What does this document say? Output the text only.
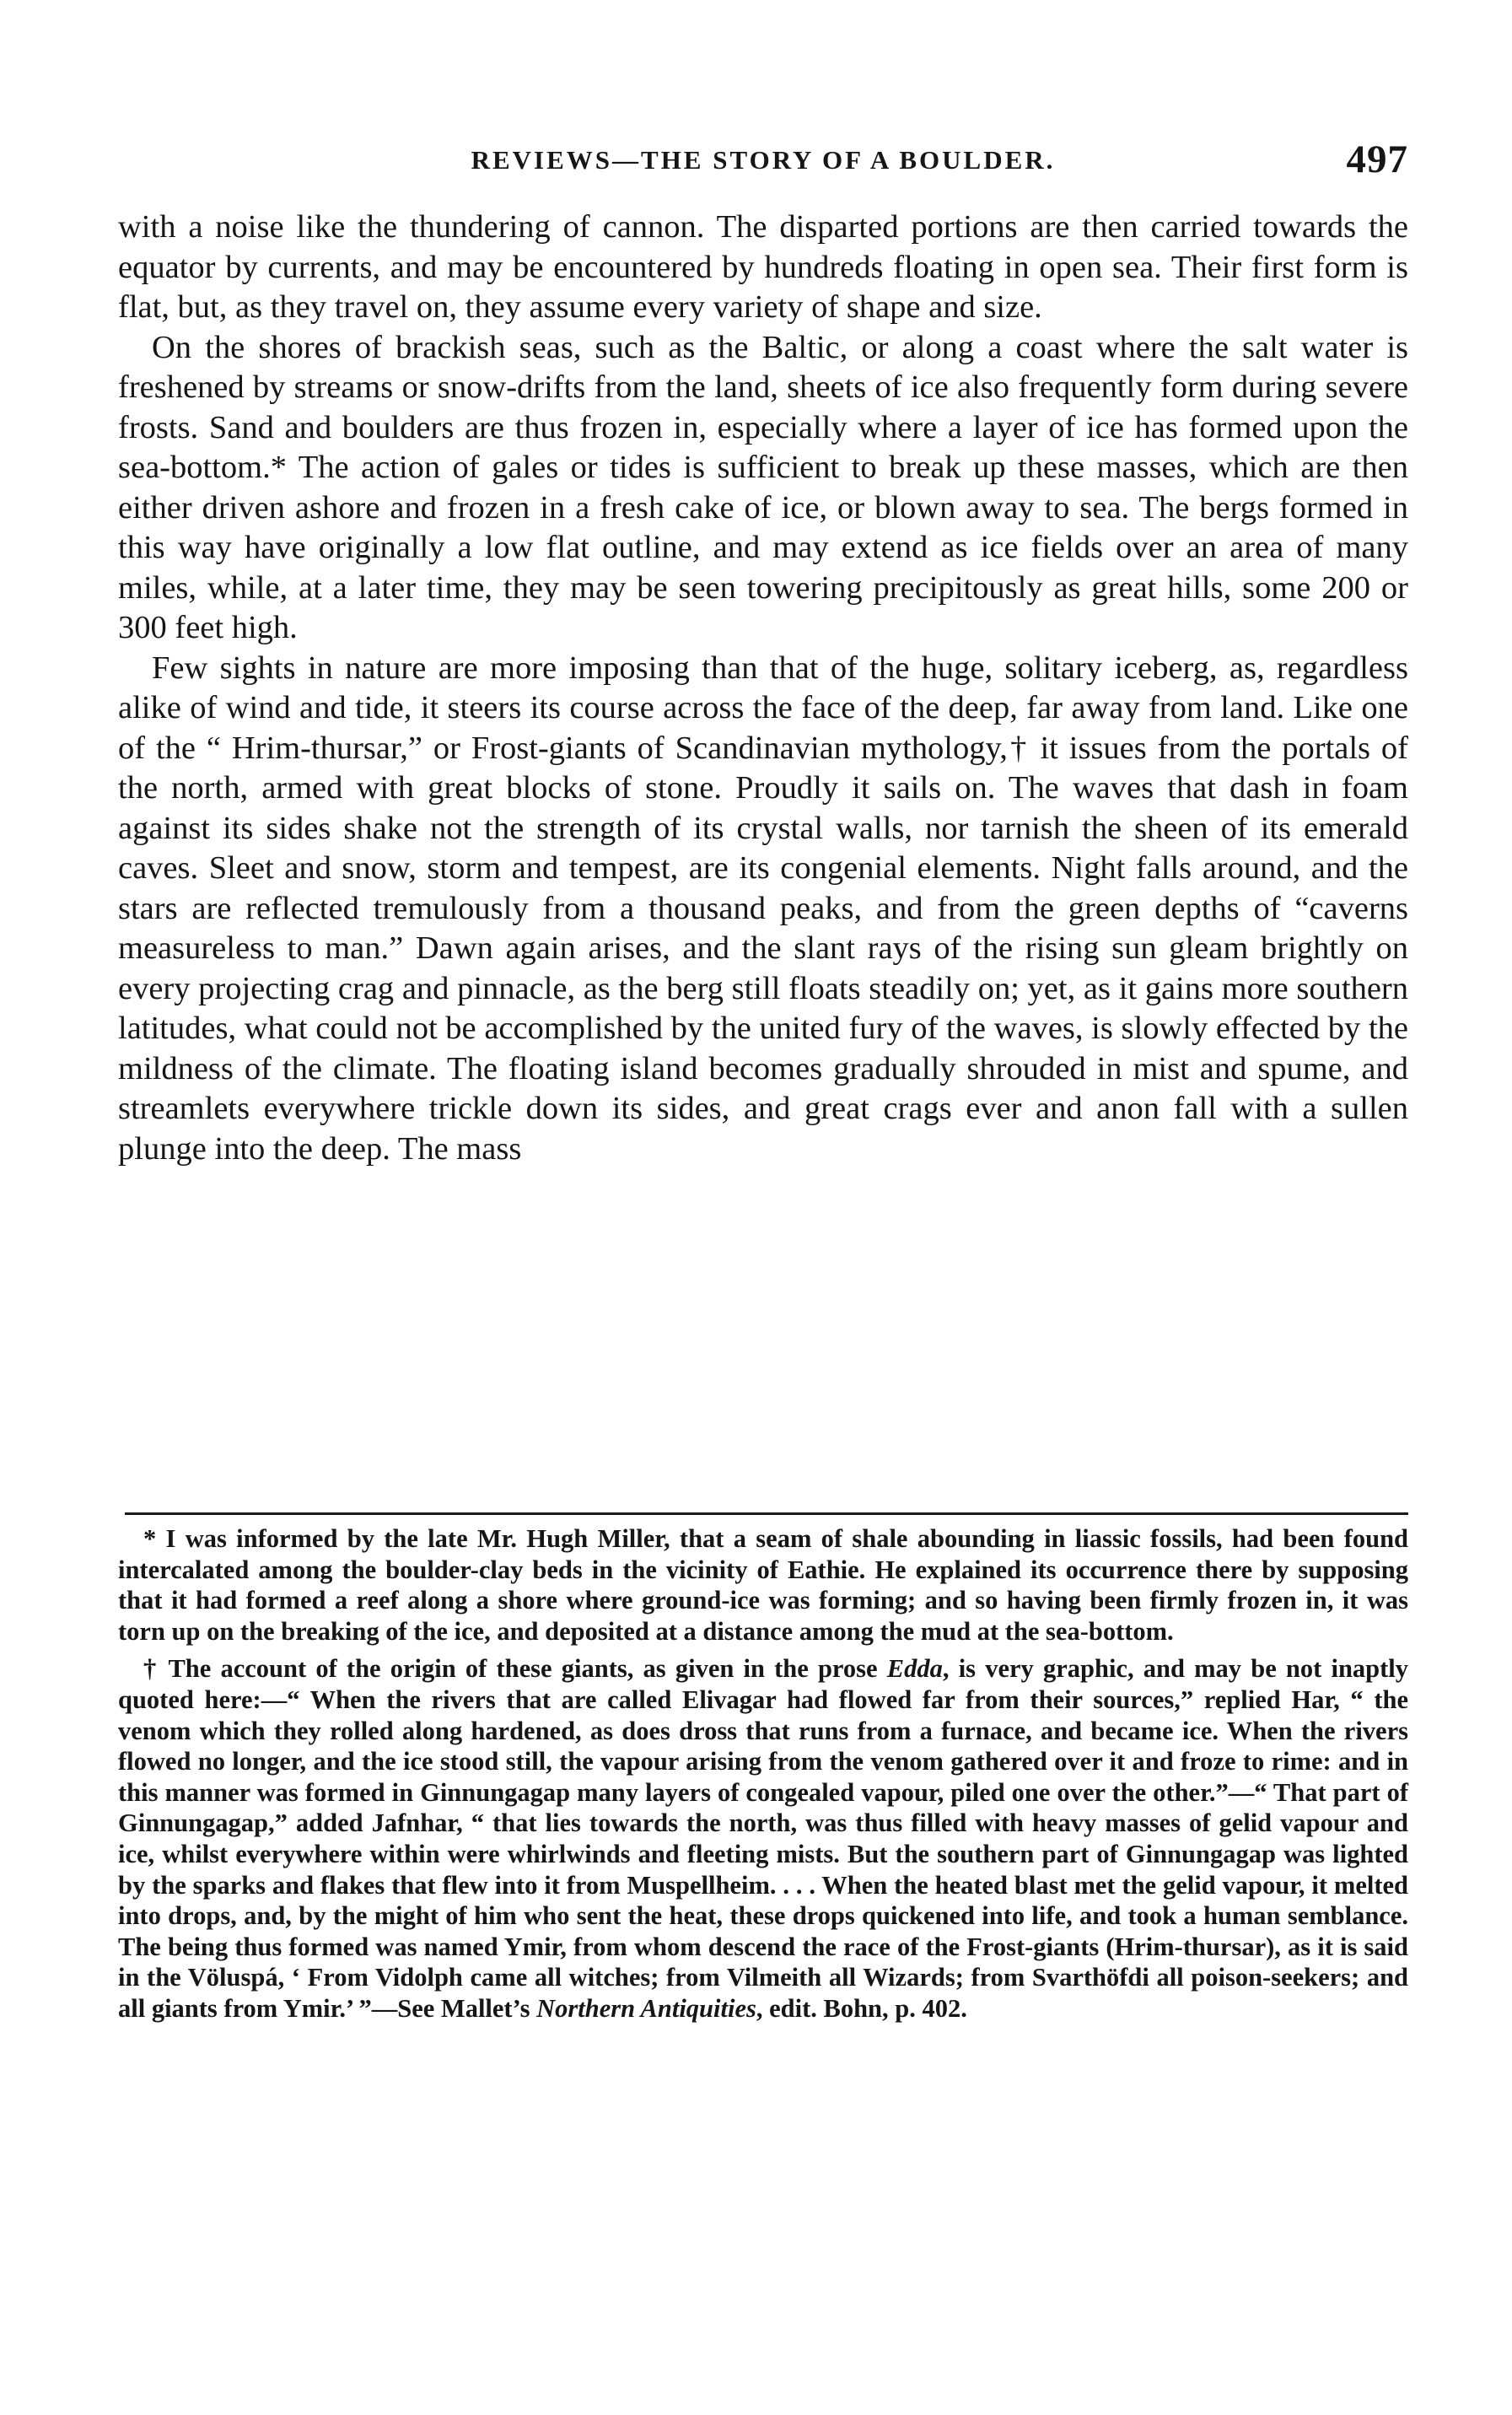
REVIEWS—THE STORY OF A BOULDER.	497

with a noise like the thundering of cannon. The disparted portions are then carried towards the equator by currents, and may be encountered by hundreds floating in open sea. Their first form is flat, but, as they travel on, they assume every variety of shape and size.

On the shores of brackish seas, such as the Baltic, or along a coast where the salt water is freshened by streams or snow-drifts from the land, sheets of ice also frequently form during severe frosts. Sand and boulders are thus frozen in, especially where a layer of ice has formed upon the sea-bottom.* The action of gales or tides is sufficient to break up these masses, which are then either driven ashore and frozen in a fresh cake of ice, or blown away to sea. The bergs formed in this way have originally a low flat outline, and may extend as ice fields over an area of many miles, while, at a later time, they may be seen towering precipitously as great hills, some 200 or 300 feet high.

Few sights in nature are more imposing than that of the huge, solitary iceberg, as, regardless alike of wind and tide, it steers its course across the face of the deep, far away from land. Like one of the “ Hrim-thursar,” or Frost-giants of Scandinavian mythology,† it issues from the portals of the north, armed with great blocks of stone. Proudly it sails on. The waves that dash in foam against its sides shake not the strength of its crystal walls, nor tarnish the sheen of its emerald caves. Sleet and snow, storm and tempest, are its congenial elements. Night falls around, and the stars are reflected tremulously from a thousand peaks, and from the green depths of “caverns measureless to man.” Dawn again arises, and the slant rays of the rising sun gleam brightly on every projecting crag and pinnacle, as the berg still floats steadily on; yet, as it gains more southern latitudes, what could not be accomplished by the united fury of the waves, is slowly effected by the mildness of the climate. The floating island becomes gradually shrouded in mist and spume, and streamlets everywhere trickle down its sides, and great crags ever and anon fall with a sullen plunge into the deep. The mass

* I was informed by the late Mr. Hugh Miller, that a seam of shale abounding in liassic fossils, had been found intercalated among the boulder-clay beds in the vicinity of Eathie. He explained its occurrence there by supposing that it had formed a reef along a shore where ground-ice was forming; and so having been firmly frozen in, it was torn up on the breaking of the ice, and deposited at a distance among the mud at the sea-bottom.

† The account of the origin of these giants, as given in the prose Edda, is very graphic, and may be not inaptly quoted here:—“ When the rivers that are called Elivagar had flowed far from their sources,” replied Har, “ the venom which they rolled along hardened, as does dross that runs from a furnace, and became ice. When the rivers flowed no longer, and the ice stood still, the vapour arising from the venom gathered over it and froze to rime: and in this manner was formed in Ginnungagap many layers of congealed vapour, piled one over the other.”—“ That part of Ginnungagap,” added Jafnhar, “ that lies towards the north, was thus filled with heavy masses of gelid vapour and ice, whilst everywhere within were whirlwinds and fleeting mists. But the southern part of Ginnungagap was lighted by the sparks and flakes that flew into it from Muspellheim. . . . When the heated blast met the gelid vapour, it melted into drops, and, by the might of him who sent the heat, these drops quickened into life, and took a human semblance. The being thus formed was named Ymir, from whom descend the race of the Frost-giants (Hrim-thursar), as it is said in the Völuspá, ‘ From Vidolph came all witches; from Vilmeith all Wizards; from Svarthöfdi all poison-seekers; and all giants from Ymir.’ ”—See Mallet’s Northern Antiquities, edit. Bohn, p. 402.
